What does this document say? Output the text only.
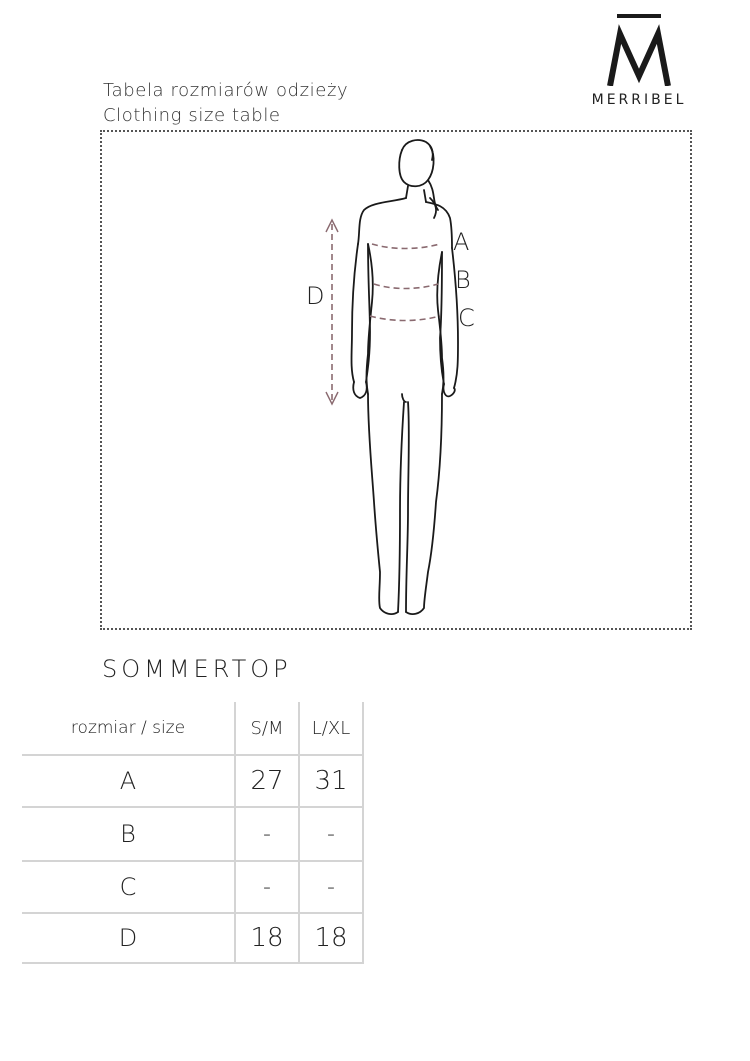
MERRIBEL
Tabela rozmiarów odzieży
Clothing size table
A
B
C
D
SOMMERTOP
rozmiar / size	S/M	L/XL
A	27	31
B	-	-
C	-	-
D	18	18
